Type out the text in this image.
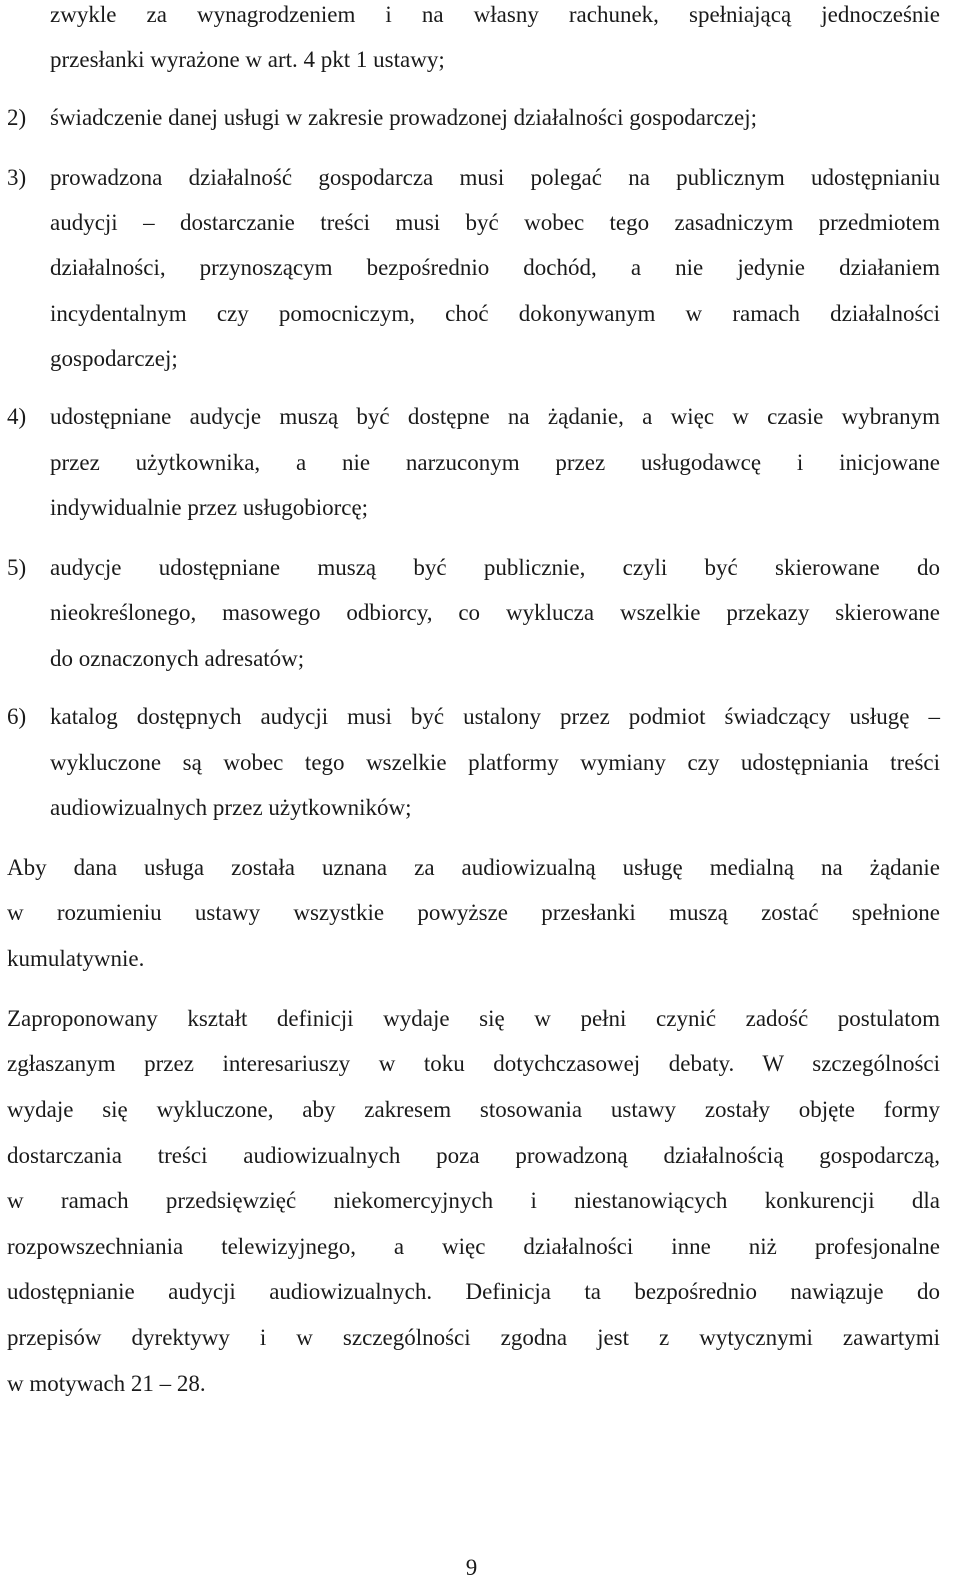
zwykle za wynagrodzeniem i na własny rachunek, spełniającą jednocześnie
przesłanki wyrażone w art. 4 pkt 1 ustawy;
2) świadczenie danej usługi w zakresie prowadzonej działalności gospodarczej;
3) prowadzona działalność gospodarcza musi polegać na publicznym udostępnianiu
audycji – dostarczanie treści musi być wobec tego zasadniczym przedmiotem
działalności, przynoszącym bezpośrednio dochód, a nie jedynie działaniem
incydentalnym czy pomocniczym, choć dokonywanym w ramach działalności
gospodarczej;
4) udostępniane audycje muszą być dostępne na żądanie, a więc w czasie wybranym
przez użytkownika, a nie narzuconym przez usługodawcę i inicjowane
indywidualnie przez usługobiorcę;
5) audycje udostępniane muszą być publicznie, czyli być skierowane do
nieokreślonego, masowego odbiorcy, co wyklucza wszelkie przekazy skierowane
do oznaczonych adresatów;
6) katalog dostępnych audycji musi być ustalony przez podmiot świadczący usługę –
wykluczone są wobec tego wszelkie platformy wymiany czy udostępniania treści
audiowizualnych przez użytkowników;
Aby dana usługa została uznana za audiowizualną usługę medialną na żądanie
w rozumieniu ustawy wszystkie powyższe przesłanki muszą zostać spełnione
kumulatywnie.
Zaproponowany kształt definicji wydaje się w pełni czynić zadość postulatom
zgłaszanym przez interesariuszy w toku dotychczasowej debaty. W szczególności
wydaje się wykluczone, aby zakresem stosowania ustawy zostały objęte formy
dostarczania treści audiowizualnych poza prowadzoną działalnością gospodarczą,
w ramach przedsięwzięć niekomercyjnych i niestanowiących konkurencji dla
rozpowszechniania telewizyjnego, a więc działalności inne niż profesjonalne
udostępnianie audycji audiowizualnych. Definicja ta bezpośrednio nawiązuje do
przepisów dyrektywy i w szczególności zgodna jest z wytycznymi zawartymi
w motywach 21 – 28.
9
